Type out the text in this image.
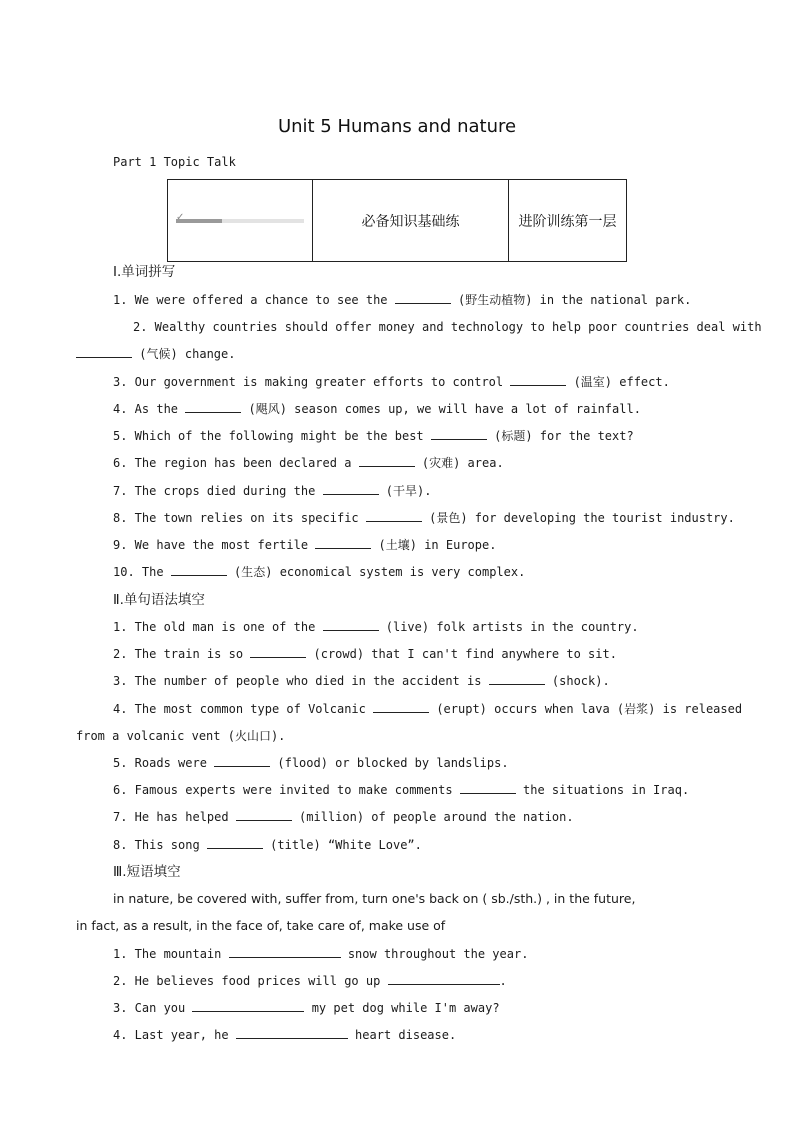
Unit 5 Humans and nature
Part 1 Topic Talk
✓	必备知识基础练	进阶训练第一层
Ⅰ.单词拼写
1. We were offered a chance to see the	(野生动植物) in the national park.
2. Wealthy countries should offer money and technology to help poor countries deal with
(气候) change.
3. Our government is making greater efforts to control	(温室) effect.
4. As the	(飓风) season comes up, we will have a lot of rainfall.
5. Which of the following might be the best	(标题) for the text?
6. The region has been declared a	(灾难) area.
7. The crops died during the	(干旱).
8. The town relies on its specific	(景色) for developing the tourist industry.
9. We have the most fertile	(土壤) in Europe.
10. The	(生态) economical system is very complex.
Ⅱ.单句语法填空
1. The old man is one of the	(live) folk artists in the country.
2. The train is so	(crowd) that I can't find anywhere to sit.
3. The number of people who died in the accident is	(shock).
4. The most common type of Volcanic	(erupt) occurs when lava (岩浆) is released
from a volcanic vent (火山口).
5. Roads were	(flood) or blocked by landslips.
6. Famous experts were invited to make comments	the situations in Iraq.
7. He has helped	(million) of people around the nation.
8. This song	(title) “White Love”.
Ⅲ.短语填空
in nature, be covered with, suffer from, turn one's back on ( sb./sth.) , in the future,
in fact, as a result, in the face of, take care of, make use of
1. The mountain	snow throughout the year.
2. He believes food prices will go up	.
3. Can you	my pet dog while I'm away?
4. Last year, he	heart disease.
